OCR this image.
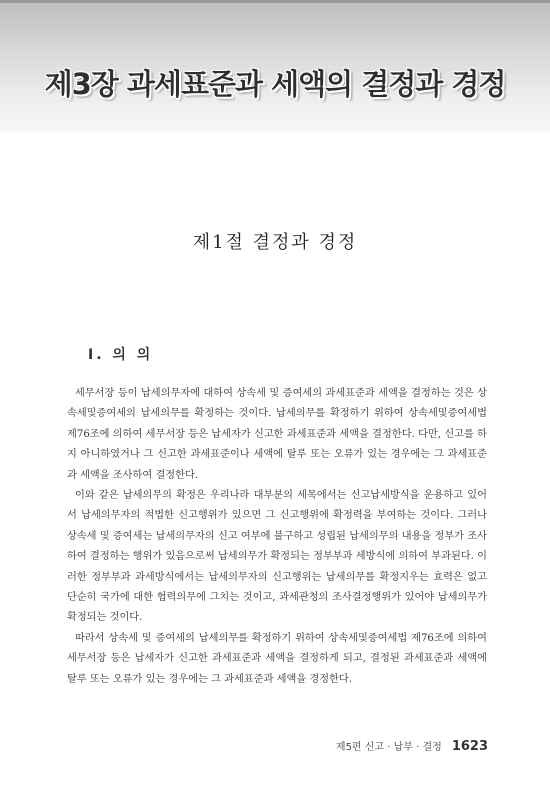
제3장 과세표준과 세액의 결정과 경정
제1절 결정과 경정
Ⅰ. 의 의

세무서장 등이 납세의무자에 대하여 상속세 및 증여세의 과세표준과 세액을 결정하는 것은 상속세및증여세의 납세의무를 확정하는 것이다. 납세의무를 확정하기 위하여 상속세및증여세법 제76조에 의하여 세무서장 등은 납세자가 신고한 과세표준과 세액을 결정한다. 다만, 신고를 하지 아니하였거나 그 신고한 과세표준이나 세액에 탈루 또는 오류가 있는 경우에는 그 과세표준과 세액을 조사하여 결정한다.

이와 같은 납세의무의 확정은 우리나라 대부분의 세목에서는 신고납세방식을 운용하고 있어서 납세의무자의 적법한 신고행위가 있으면 그 신고행위에 확정력을 부여하는 것이다. 그러나 상속세 및 증여세는 납세의무자의 신고 여부에 불구하고 성립된 납세의무의 내용을 정부가 조사하여 결정하는 행위가 있음으로써 납세의무가 확정되는 정부부과 세방식에 의하여 부과된다. 이러한 정부부과 과세방식에서는 납세의무자의 신고행위는 납세의무를 확정지우는 효력은 없고 단순히 국가에 대한 협력의무에 그치는 것이고, 과세관청의 조사결정행위가 있어야 납세의무가 확정되는 것이다.

따라서 상속세 및 증여세의 납세의무를 확정하기 위하여 상속세및증여세법 제76조에 의하여 세무서장 등은 납세자가 신고한 과세표준과 세액을 결정하게 되고, 결정된 과세표준과 세액에 탈루 또는 오류가 있는 경우에는 그 과세표준과 세액을 경정한다.

제5편 신고 · 납부 · 결정 1623
